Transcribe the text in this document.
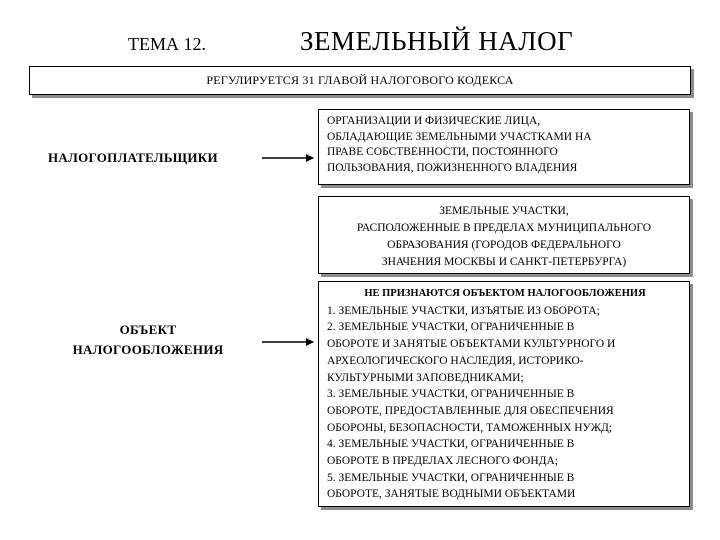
ТЕМА 12.	ЗЕМЕЛЬНЫЙ НАЛОГ
РЕГУЛИРУЕТСЯ 31 ГЛАВОЙ НАЛОГОВОГО КОДЕКСА
НАЛОГОПЛАТЕЛЬЩИКИ
ОРГАНИЗАЦИИ И ФИЗИЧЕСКИЕ ЛИЦА,
ОБЛАДАЮЩИЕ ЗЕМЕЛЬНЫМИ УЧАСТКАМИ НА
ПРАВЕ СОБСТВЕННОСТИ, ПОСТОЯННОГО
ПОЛЬЗОВАНИЯ, ПОЖИЗНЕННОГО ВЛАДЕНИЯ
ОБЪЕКТ
НАЛОГООБЛОЖЕНИЯ
ЗЕМЕЛЬНЫЕ УЧАСТКИ,
РАСПОЛОЖЕННЫЕ В ПРЕДЕЛАХ МУНИЦИПАЛЬНОГО
ОБРАЗОВАНИЯ (ГОРОДОВ ФЕДЕРАЛЬНОГО
ЗНАЧЕНИЯ МОСКВЫ И САНКТ-ПЕТЕРБУРГА)
НЕ ПРИЗНАЮТСЯ ОБЪЕКТОМ НАЛОГООБЛОЖЕНИЯ
1. ЗЕМЕЛЬНЫЕ УЧАСТКИ, ИЗЪЯТЫЕ ИЗ ОБОРОТА;
2. ЗЕМЕЛЬНЫЕ УЧАСТКИ, ОГРАНИЧЕННЫЕ В
ОБОРОТЕ И ЗАНЯТЫЕ ОБЪЕКТАМИ КУЛЬТУРНОГО И
АРХЕОЛОГИЧЕСКОГО НАСЛЕДИЯ, ИСТОРИКО-
КУЛЬТУРНЫМИ ЗАПОВЕДНИКАМИ;
3. ЗЕМЕЛЬНЫЕ УЧАСТКИ, ОГРАНИЧЕННЫЕ В
ОБОРОТЕ, ПРЕДОСТАВЛЕННЫЕ ДЛЯ ОБЕСПЕЧЕНИЯ
ОБОРОНЫ, БЕЗОПАСНОСТИ, ТАМОЖЕННЫХ НУЖД;
4. ЗЕМЕЛЬНЫЕ УЧАСТКИ, ОГРАНИЧЕННЫЕ В
ОБОРОТЕ В ПРЕДЕЛАХ ЛЕСНОГО ФОНДА;
5. ЗЕМЕЛЬНЫЕ УЧАСТКИ, ОГРАНИЧЕННЫЕ В
ОБОРОТЕ, ЗАНЯТЫЕ ВОДНЫМИ ОБЪЕКТАМИ
